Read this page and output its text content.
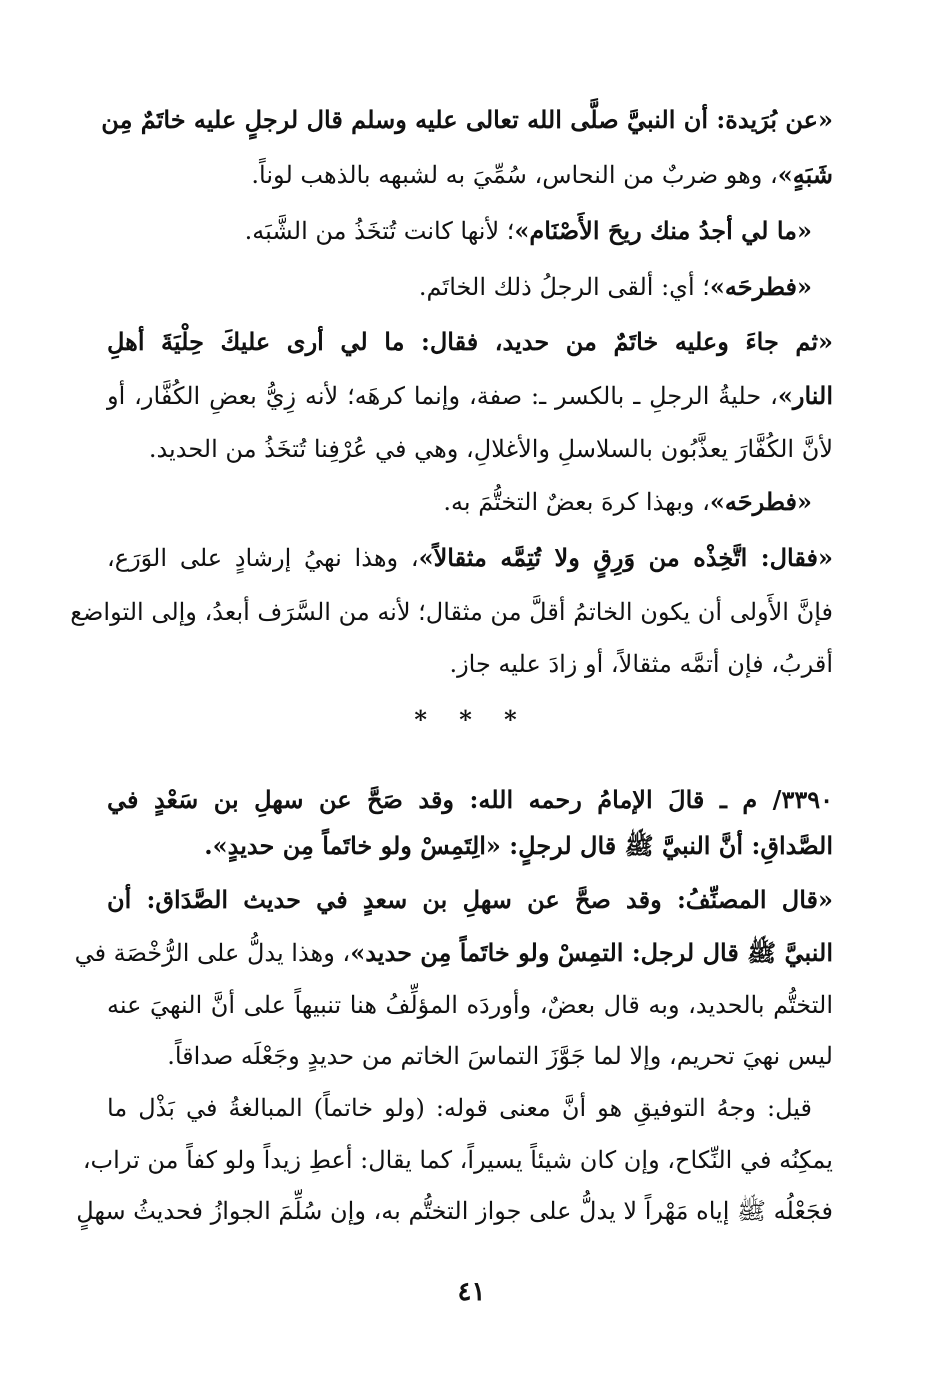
«عن بُرَيدة: أن النبيَّ صلَّى الله تعالى عليه وسلم قال لرجلٍ عليه خاتَمٌ مِن
شَبَهٍ»، وهو ضربٌ من النحاس، سُمِّيَ به لشبهه بالذهب لوناً.
«ما لي أجدُ منك ريحَ الأَصْنَام»؛ لأنها كانت تُتخَذُ من الشَّبَه.
«فطرحَه»؛ أي: ألقى الرجلُ ذلك الخاتَم.
«ثم جاءَ وعليه خاتَمٌ من حديد، فقال: ما لي أرى عليكَ حِلْيَةَ أهلِ
النار»، حليةُ الرجلِ ـ بالكسر ـ: صفة، وإنما كرهَه؛ لأنه زِيُّ بعضِ الكُفَّار، أو
لأنَّ الكُفَّارَ يعذَّبُون بالسلاسلِ والأغلالِ، وهي في عُرْفِنا تُتخَذُ من الحديد.
«فطرحَه»، وبهذا كرهَ بعضٌ التختُّمَ به.
«فقال: اتَّخِذْه من وَرِقٍ ولا تُتِمَّه مثقالاً»، وهذا نهيُ إرشادٍ على الوَرَع،
فإنَّ الأَولى أن يكون الخاتمُ أقلَّ من مثقال؛ لأنه من السَّرَف أبعدُ، وإلى التواضع
أقربُ، فإن أتمَّه مثقالاً، أو زادَ عليه جاز.
* * *
٣٣٩٠/ م ـ قالَ الإمامُ رحمه الله: وقد صَحَّ عن سهلِ بن سَعْدٍ في
الصَّداقِ: أنَّ النبيَّ ﷺ قال لرجلٍ: «الِتَمِسْ ولو خاتَماً مِن حديدٍ».
«قال المصنِّفُ: وقد صحَّ عن سهلِ بن سعدٍ في حديث الصَّدَاق: أن
النبيَّ ﷺ قال لرجل: التمِسْ ولو خاتَماً مِن حديد»، وهذا يدلُّ على الرُّخْصَة في
التختُّم بالحديد، وبه قال بعضٌ، وأوردَه المؤلِّفُ هنا تنبيهاً على أنَّ النهيَ عنه
ليس نهيَ تحريم، وإلا لما جَوَّزَ التماسَ الخاتم من حديدٍ وجَعْلَه صداقاً.
قيل: وجهُ التوفيقِ هو أنَّ معنى قوله: (ولو خاتماً) المبالغةُ في بَذْل ما
يمكِنُه في النِّكاح، وإن كان شيئاً يسيراً، كما يقال: أعطِ زيداً ولو كفاً من تراب،
فجَعْلُه ﷺ إياه مَهْراً لا يدلُّ على جواز التختُّم به، وإن سُلِّمَ الجوازُ فحديثُ سهلٍ
٤١
